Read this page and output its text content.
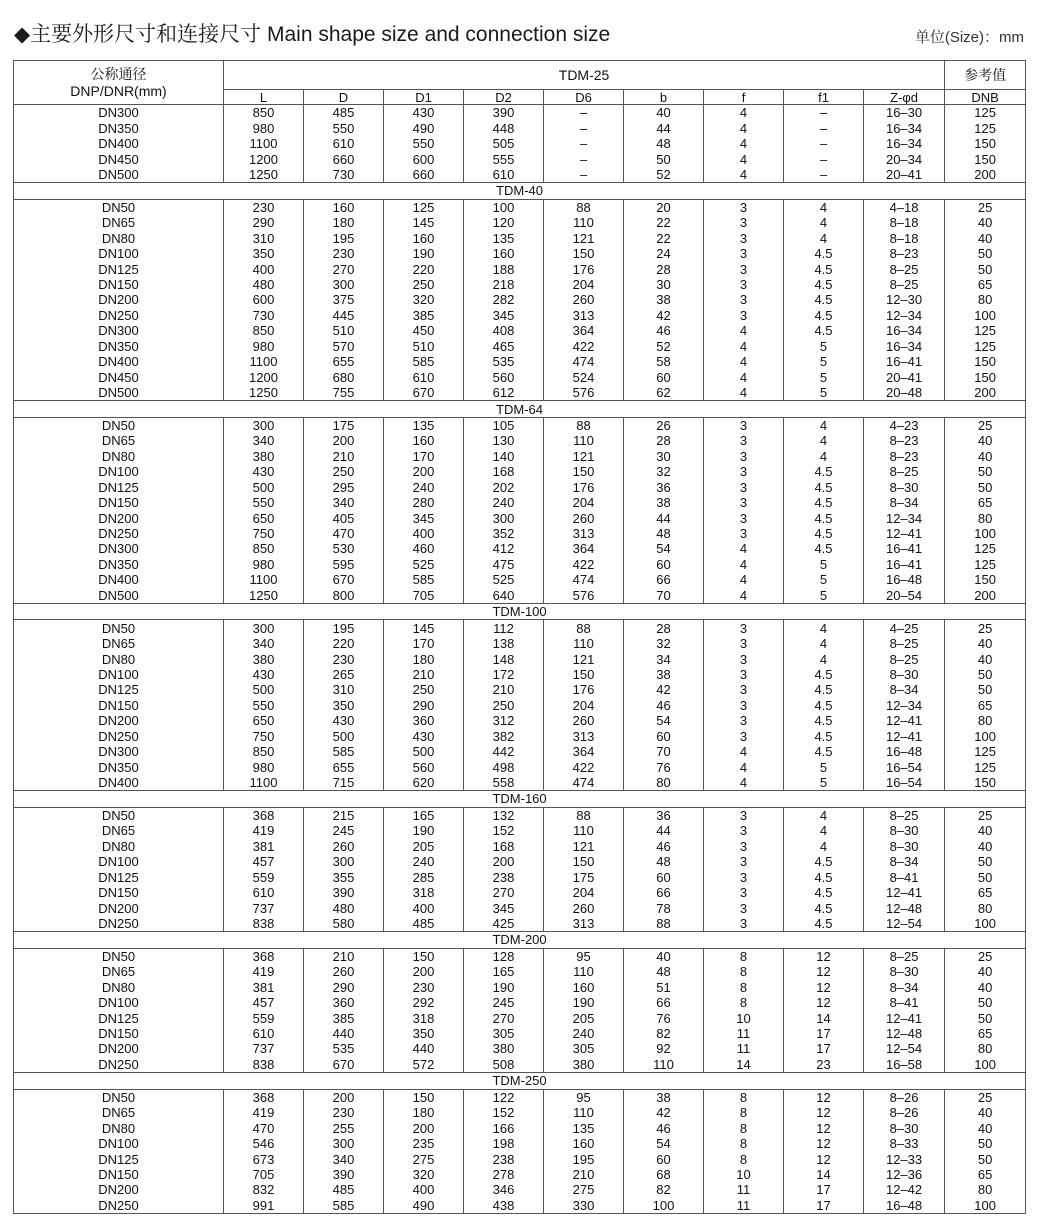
◆主要外形尺寸和连接尺寸 Main shape size and connection size	单位(Size)：mm
公称通径
DNP/DNR(mm)	TDM-25									参考值
	L	D	D1	D2	D6	b	f	f1	Z-φd	DNB
DN300	850	485	430	390	–	40	4	–	16–30	125
DN350	980	550	490	448	–	44	4	–	16–34	125
DN400	1100	610	550	505	–	48	4	–	16–34	150
DN450	1200	660	600	555	–	50	4	–	20–34	150
DN500	1250	730	660	610	–	52	4	–	20–41	200
TDM-40										
DN50	230	160	125	100	88	20	3	4	4–18	25
DN65	290	180	145	120	110	22	3	4	8–18	40
DN80	310	195	160	135	121	22	3	4	8–18	40
DN100	350	230	190	160	150	24	3	4.5	8–23	50
DN125	400	270	220	188	176	28	3	4.5	8–25	50
DN150	480	300	250	218	204	30	3	4.5	8–25	65
DN200	600	375	320	282	260	38	3	4.5	12–30	80
DN250	730	445	385	345	313	42	3	4.5	12–34	100
DN300	850	510	450	408	364	46	4	4.5	16–34	125
DN350	980	570	510	465	422	52	4	5	16–34	125
DN400	1100	655	585	535	474	58	4	5	16–41	150
DN450	1200	680	610	560	524	60	4	5	20–41	150
DN500	1250	755	670	612	576	62	4	5	20–48	200
TDM-64										
DN50	300	175	135	105	88	26	3	4	4–23	25
DN65	340	200	160	130	110	28	3	4	8–23	40
DN80	380	210	170	140	121	30	3	4	8–23	40
DN100	430	250	200	168	150	32	3	4.5	8–25	50
DN125	500	295	240	202	176	36	3	4.5	8–30	50
DN150	550	340	280	240	204	38	3	4.5	8–34	65
DN200	650	405	345	300	260	44	3	4.5	12–34	80
DN250	750	470	400	352	313	48	3	4.5	12–41	100
DN300	850	530	460	412	364	54	4	4.5	16–41	125
DN350	980	595	525	475	422	60	4	5	16–41	125
DN400	1100	670	585	525	474	66	4	5	16–48	150
DN500	1250	800	705	640	576	70	4	5	20–54	200
TDM-100										
DN50	300	195	145	112	88	28	3	4	4–25	25
DN65	340	220	170	138	110	32	3	4	8–25	40
DN80	380	230	180	148	121	34	3	4	8–25	40
DN100	430	265	210	172	150	38	3	4.5	8–30	50
DN125	500	310	250	210	176	42	3	4.5	8–34	50
DN150	550	350	290	250	204	46	3	4.5	12–34	65
DN200	650	430	360	312	260	54	3	4.5	12–41	80
DN250	750	500	430	382	313	60	3	4.5	12–41	100
DN300	850	585	500	442	364	70	4	4.5	16–48	125
DN350	980	655	560	498	422	76	4	5	16–54	125
DN400	1100	715	620	558	474	80	4	5	16–54	150
TDM-160										
DN50	368	215	165	132	88	36	3	4	8–25	25
DN65	419	245	190	152	110	44	3	4	8–30	40
DN80	381	260	205	168	121	46	3	4	8–30	40
DN100	457	300	240	200	150	48	3	4.5	8–34	50
DN125	559	355	285	238	175	60	3	4.5	8–41	50
DN150	610	390	318	270	204	66	3	4.5	12–41	65
DN200	737	480	400	345	260	78	3	4.5	12–48	80
DN250	838	580	485	425	313	88	3	4.5	12–54	100
TDM-200										
DN50	368	210	150	128	95	40	8	12	8–25	25
DN65	419	260	200	165	110	48	8	12	8–30	40
DN80	381	290	230	190	160	51	8	12	8–34	40
DN100	457	360	292	245	190	66	8	12	8–41	50
DN125	559	385	318	270	205	76	10	14	12–41	50
DN150	610	440	350	305	240	82	11	17	12–48	65
DN200	737	535	440	380	305	92	11	17	12–54	80
DN250	838	670	572	508	380	110	14	23	16–58	100
TDM-250										
DN50	368	200	150	122	95	38	8	12	8–26	25
DN65	419	230	180	152	110	42	8	12	8–26	40
DN80	470	255	200	166	135	46	8	12	8–30	40
DN100	546	300	235	198	160	54	8	12	8–33	50
DN125	673	340	275	238	195	60	8	12	12–33	50
DN150	705	390	320	278	210	68	10	14	12–36	65
DN200	832	485	400	346	275	82	11	17	12–42	80
DN250	991	585	490	438	330	100	11	17	16–48	100
